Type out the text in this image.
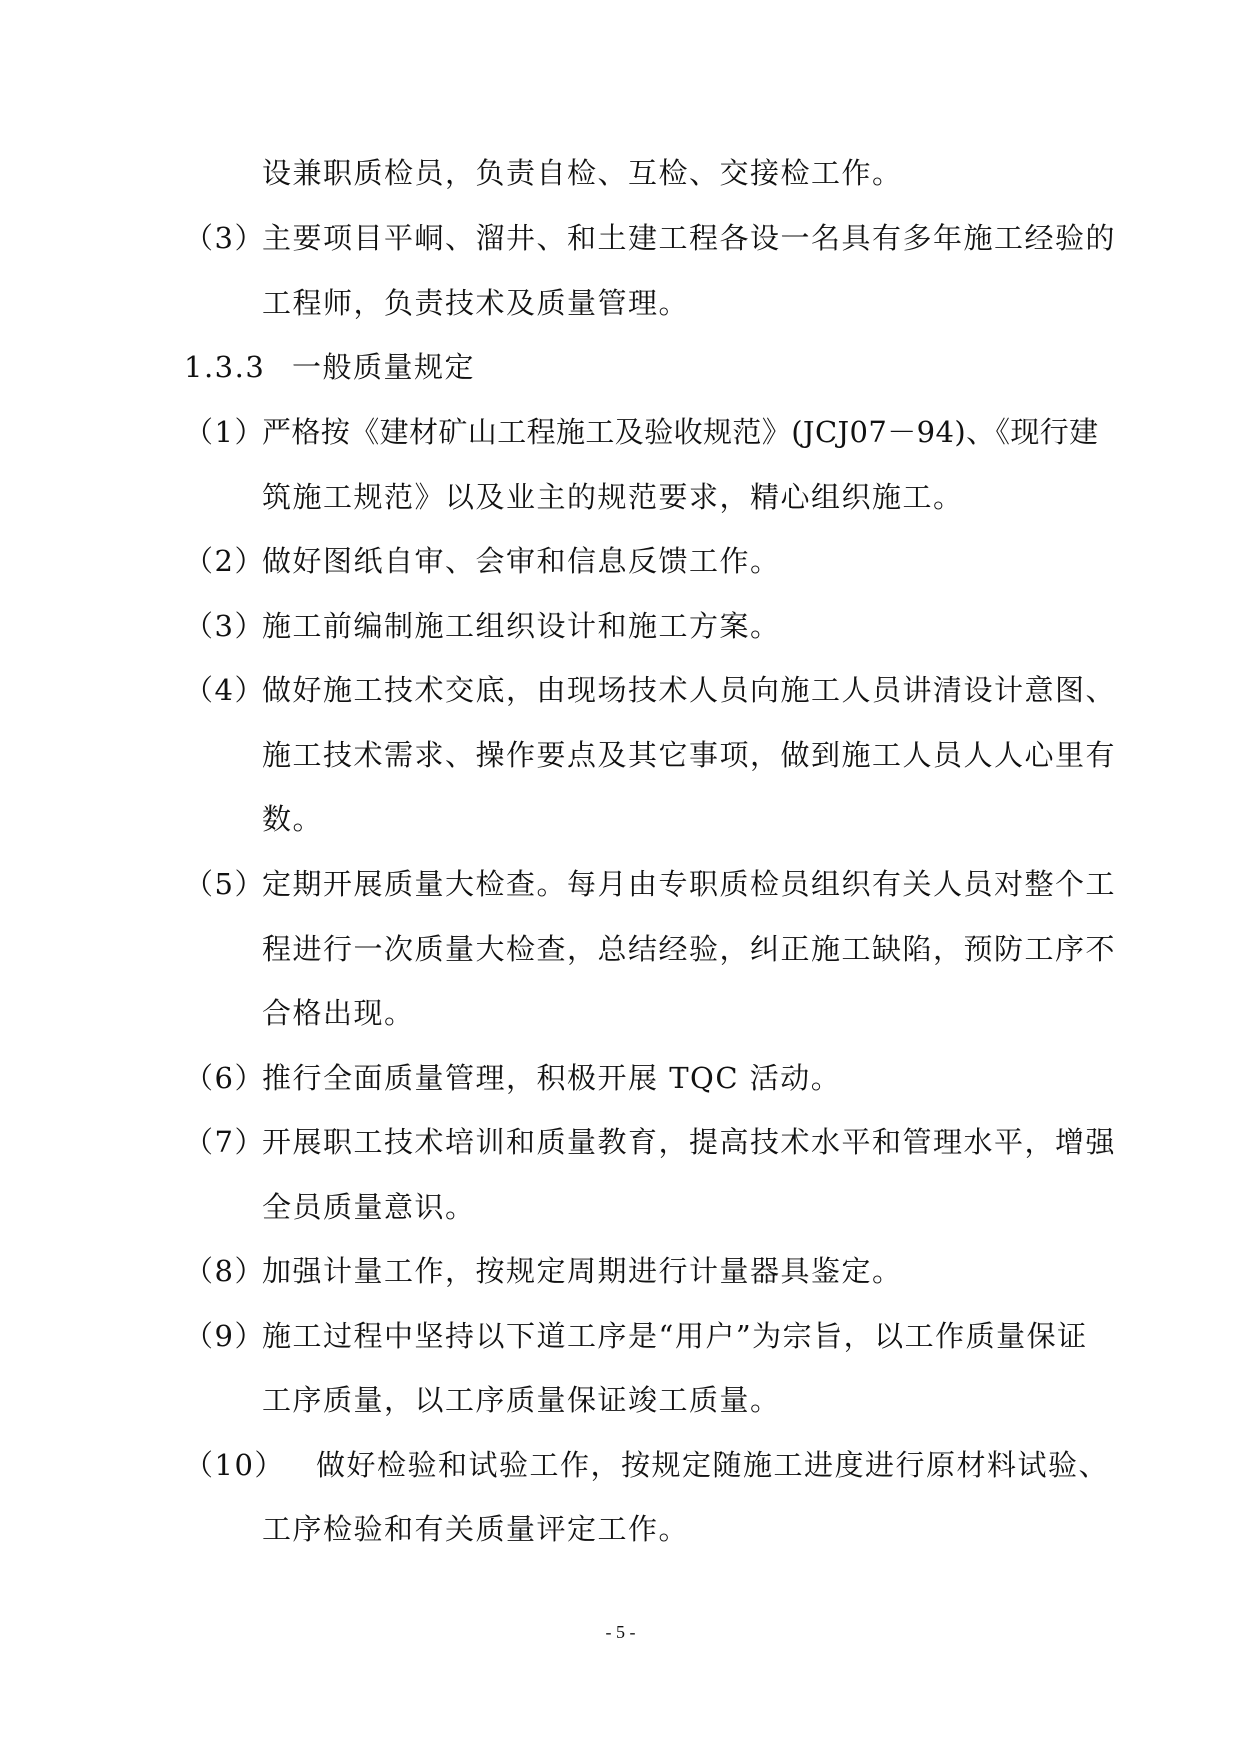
设兼职质检员，负责自检、互检、交接检工作。
（3）主要项目平峒、溜井、和土建工程各设一名具有多年施工经验的
工程师，负责技术及质量管理。
1.3.3 一般质量规定
（1）严格按《建材矿山工程施工及验收规范》(JCJ07－94)、《现行建
筑施工规范》以及业主的规范要求，精心组织施工。
（2）做好图纸自审、会审和信息反馈工作。
（3）施工前编制施工组织设计和施工方案。
（4）做好施工技术交底，由现场技术人员向施工人员讲清设计意图、
施工技术需求、操作要点及其它事项，做到施工人员人人心里有
数。
（5）定期开展质量大检查。每月由专职质检员组织有关人员对整个工
程进行一次质量大检查，总结经验，纠正施工缺陷，预防工序不
合格出现。
（6）推行全面质量管理，积极开展 TQC 活动。
（7）开展职工技术培训和质量教育，提高技术水平和管理水平，增强
全员质量意识。
（8）加强计量工作，按规定周期进行计量器具鉴定。
（9）施工过程中坚持以下道工序是“用户”为宗旨，以工作质量保证
工序质量，以工序质量保证竣工质量。
（10） 做好检验和试验工作，按规定随施工进度进行原材料试验、
工序检验和有关质量评定工作。
- 5 -
